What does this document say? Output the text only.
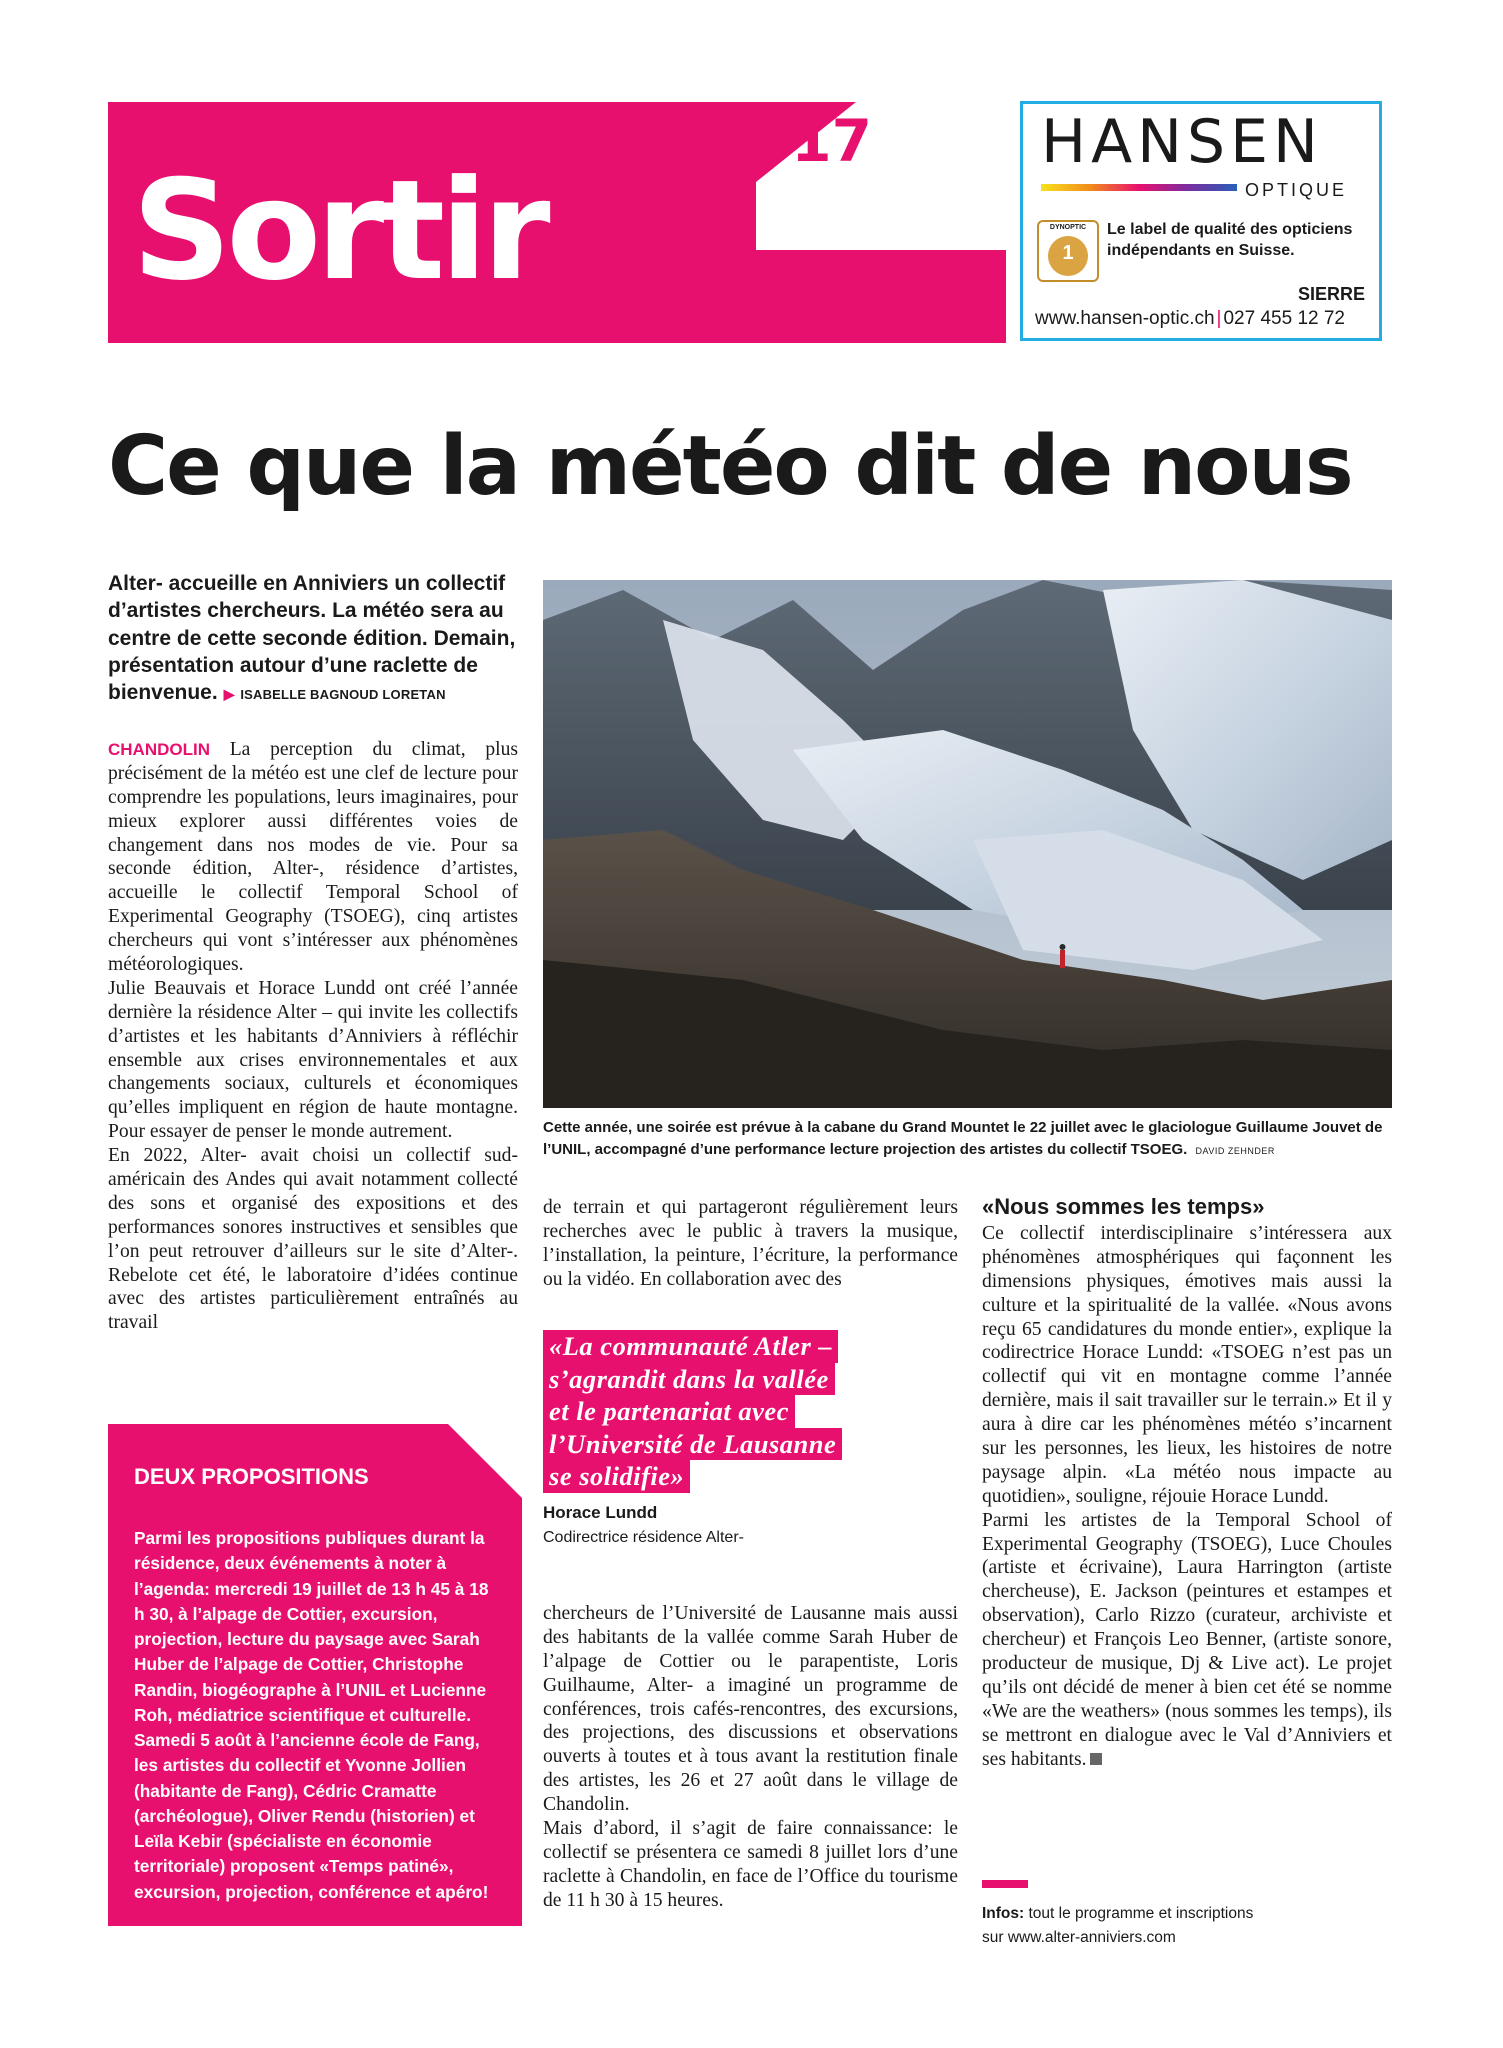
Sortir
Vendredi
7 juillet 2023
17	HANSEN
OPTIQUE
DYNOPTIC
1
Le label de qualité des opticiens indépendants en Suisse.
SIERRE
www.hansen-optic.ch | 027 455 12 72
Ce que la météo dit de nous
Alter- accueille en Anniviers un collectif d’artistes chercheurs. La météo sera au centre de cette seconde édition. Demain, présentation autour d’une raclette de bienvenue. ▶ ISABELLE BAGNOUD LORETAN

CHANDOLIN La perception du climat, plus précisément de la météo est une clef de lecture pour comprendre les populations, leurs imaginaires, pour mieux explorer aussi différentes voies de changement dans nos modes de vie. Pour sa seconde édition, Alter-, résidence d’artistes, accueille le collectif Temporal School of Experimental Geography (TSOEG), cinq artistes chercheurs qui vont s’intéresser aux phénomènes météorologiques.

Julie Beauvais et Horace Lundd ont créé l’année dernière la résidence Alter – qui invite les collectifs d’artistes et les habitants d’Anniviers à réfléchir ensemble aux crises environnementales et aux changements sociaux, culturels et économiques qu’elles impliquent en région de haute montagne. Pour essayer de penser le monde autrement.

En 2022, Alter- avait choisi un collectif sud-américain des Andes qui avait notamment collecté des sons et organisé des expositions et des performances sonores instructives et sensibles que l’on peut retrouver d’ailleurs sur le site d’Alter-. Rebelote cet été, le laboratoire d’idées continue avec des artistes particulièrement entraînés au travail

Cette année, une soirée est prévue à la cabane du Grand Mountet le 22 juillet avec le glaciologue Guillaume Jouvet de l’UNIL, accompagné d’une performance lecture projection des artistes du collectif TSOEG. DAVID ZEHNDER

de terrain et qui partageront régulièrement leurs recherches avec le public à travers la musique, l’installation, la peinture, l’écriture, la performance ou la vidéo. En collaboration avec des

«La communauté Atler –
s’agrandit dans la vallée
et le partenariat avec
l’Université de Lausanne
se solidifie»
Horace Lundd
Codirectrice résidence Alter-

chercheurs de l’Université de Lausanne mais aussi des habitants de la vallée comme Sarah Huber de l’alpage de Cottier ou le parapentiste, Loris Guilhaume, Alter- a imaginé un programme de conférences, trois cafés-rencontres, des excursions, des projections, des discussions et observations ouverts à toutes et à tous avant la restitution finale des artistes, les 26 et 27 août dans le village de Chandolin.

Mais d’abord, il s’agit de faire connaissance: le collectif se présentera ce samedi 8 juillet lors d’une raclette à Chandolin, en face de l’Office du tourisme de 11 h 30 à 15 heures.

«Nous sommes les temps»

Ce collectif interdisciplinaire s’intéressera aux phénomènes atmosphériques qui façonnent les dimensions physiques, émotives mais aussi la culture et la spiritualité de la vallée. «Nous avons reçu 65 candidatures du monde entier», explique la codirectrice Horace Lundd: «TSOEG n’est pas un collectif qui vit en montagne comme l’année dernière, mais il sait travailler sur le terrain.» Et il y aura à dire car les phénomènes météo s’incarnent sur les personnes, les lieux, les histoires de notre paysage alpin. «La météo nous impacte au quotidien», souligne, réjouie Horace Lundd.

Parmi les artistes de la Temporal School of Experimental Geography (TSOEG), Luce Choules (artiste et écrivaine), Laura Harrington (artiste chercheuse), E. Jackson (peintures et estampes et observation), Carlo Rizzo (curateur, archiviste et chercheur) et François Leo Benner, (artiste sonore, producteur de musique, Dj & Live act). Le projet qu’ils ont décidé de mener à bien cet été se nomme «We are the weathers» (nous sommes les temps), ils se mettront en dialogue avec le Val d’Anniviers et ses habitants.

DEUX PROPOSITIONS
Parmi les propositions publiques durant la résidence, deux événements à noter à l’agenda: mercredi 19 juillet de 13 h 45 à 18 h 30, à l’alpage de Cottier, excursion, projection, lecture du paysage avec Sarah Huber de l’alpage de Cottier, Christophe Randin, biogéographe à l’UNIL et Lucienne Roh, médiatrice scientifique et culturelle. Samedi 5 août à l’ancienne école de Fang, les artistes du collectif et Yvonne Jollien (habitante de Fang), Cédric Cramatte (archéologue), Oliver Rendu (historien) et Leïla Kebir (spécialiste en économie territoriale) proposent «Temps patiné», excursion, projection, conférence et apéro!
Infos: tout le programme et inscriptions
sur www.alter-anniviers.com
